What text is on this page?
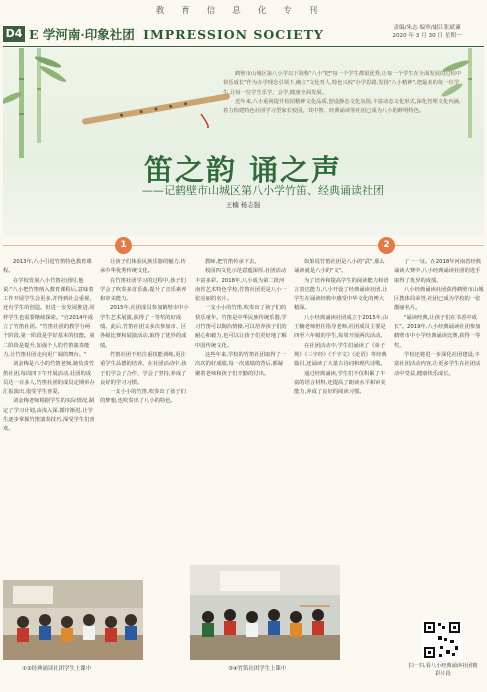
教育信息化专刊
D4 E 学河南·印象社团 IMPRESSION SOCIETY	责编/朱志 编审/谢江张斌谏
2020 年 3 月 30 日 星期一

鹤壁市山城区第八小学以下简称"八小"把"每一个学生都很优秀,让每一个学生在全面发展的过程中快乐成长"作为办学理念引领下,确立"文化育人,特色兴校"办学思路,发扬"八小精神",把最美的每一位学生,让每一位学生乐学、会学,健康全面发展。

近年来,八小重视提升校园精神文化品质,创设静态文化氛围,丰富动态文化形式,深化管理文化内涵,着力构建特色社团学习型家长校园。其中笛、经典诵读等社团已成为八小的鲜明特色。

笛之韵 诵之声
——记鹤壁市山城区第八小学竹笛、经典诵读社团
王楠 杨志强
1	2

2013年,八小引进竹笛特色教育课程。

在学校发展八小竹笛社团时,他说:"八小把竹笛纳入教育课程后,意味着工作开展学生会更多,并得到社会重视,还有学生的创造。但进一步发展推进,同样学生也需要继续探索。"自2014年成立了竹笛社团。"竹笛社团的教学分两个阶段,第一阶段是学好基本的技能。第二阶段是提升,加强个人的竹笛演奏能力,让竹笛社团走向更广阔的舞台。"

刘金梅是八小的竹笛老师,她负责竹笛社团,每周四下午开展活动,社团的成员达一百多人,竹笛社团的成员定期举办汇报演出,很受学生喜爱。

刘金梅老师根据学生的实际情况,制定了学习计划,由浅入深,循序渐进,让学生逐步掌握竹笛演奏技巧,深受学生们喜欢。

让孩子们体验民族乐器的魅力,传承中华优秀传统文化。

在竹笛社团学习的过程中,孩子们学会了吹奏多首乐曲,提升了音乐素养和审美能力。

2015年,社团成员参加鹤壁市中小学生艺术展演,获得了一等奖的好成绩。此后,竹笛社团又多次参加市、区各级比赛和展演活动,取得了优异的成绩。

竹笛社团不但注重技能训练,更注重学生品德的培养。在社团活动中,孩子们学会了合作、学会了坚持,养成了良好的学习习惯。

一支小小的竹笛,吹奏出了孩子们的梦想,也吹奏出了八小的特色。

教师,把竹笛传承下去。

校园四文化示范意蕴深厚,社团活动丰富多彩。2018年,八小成为第二批河南省艺术特色学校,竹笛社团更是八小一张亮丽的名片。

一支小小的竹笛,吹奏出了孩子们的快乐童年。竹笛是中华民族传统乐器,学习竹笛可以陶冶情操,可以培养孩子们的耐心和毅力,也可以让孩子们更好地了解中国传统文化。

这些年来,学校的竹笛社团取得了一次次的好成绩,每一次成绩的背后,都凝聚着老师和孩子们辛勤的付出。

如果说竹笛社团是八小的"武",那么诵读就是八小的"文"。

为了培养和提高学生的阅读能力和语言表达能力,八小开设了经典诵读社团,让学生在诵读经典中感受中华文化的博大精深。

八小经典诵读社团成立于2015年,由王楠老师担任指导老师,社团成员主要是四至六年级的学生,每周开展两次活动。

在社团活动中,学生们诵读了《弟子规》《三字经》《千字文》《论语》等经典篇目,还诵读了大量古诗词和现代诗歌。

通过经典诵读,学生们不仅积累了丰富的语言材料,还提高了朗读水平和审美能力,养成了良好的阅读习惯。

了一一证。在2018年河南省经典诵读大赛中,八小经典诵读社团的选手取得了优异的成绩。

八小经典诵读社团获得鹤壁市山城区教体局荣誉,社团已成为学校的一张靓丽名片。

"诵读经典,让孩子们在书香中成长"。2019年,八小经典诵读社团参加鹤壁市中小学经典诵读比赛,获得一等奖。

学校还将进一步深化社团建设,丰富社团活动内容,让更多学生在社团活动中受益,健康快乐成长。

①②经典诵读社团学生上课中	③④竹笛社团学生上课中	扫一扫,看八小经典诵读社团精彩片段
